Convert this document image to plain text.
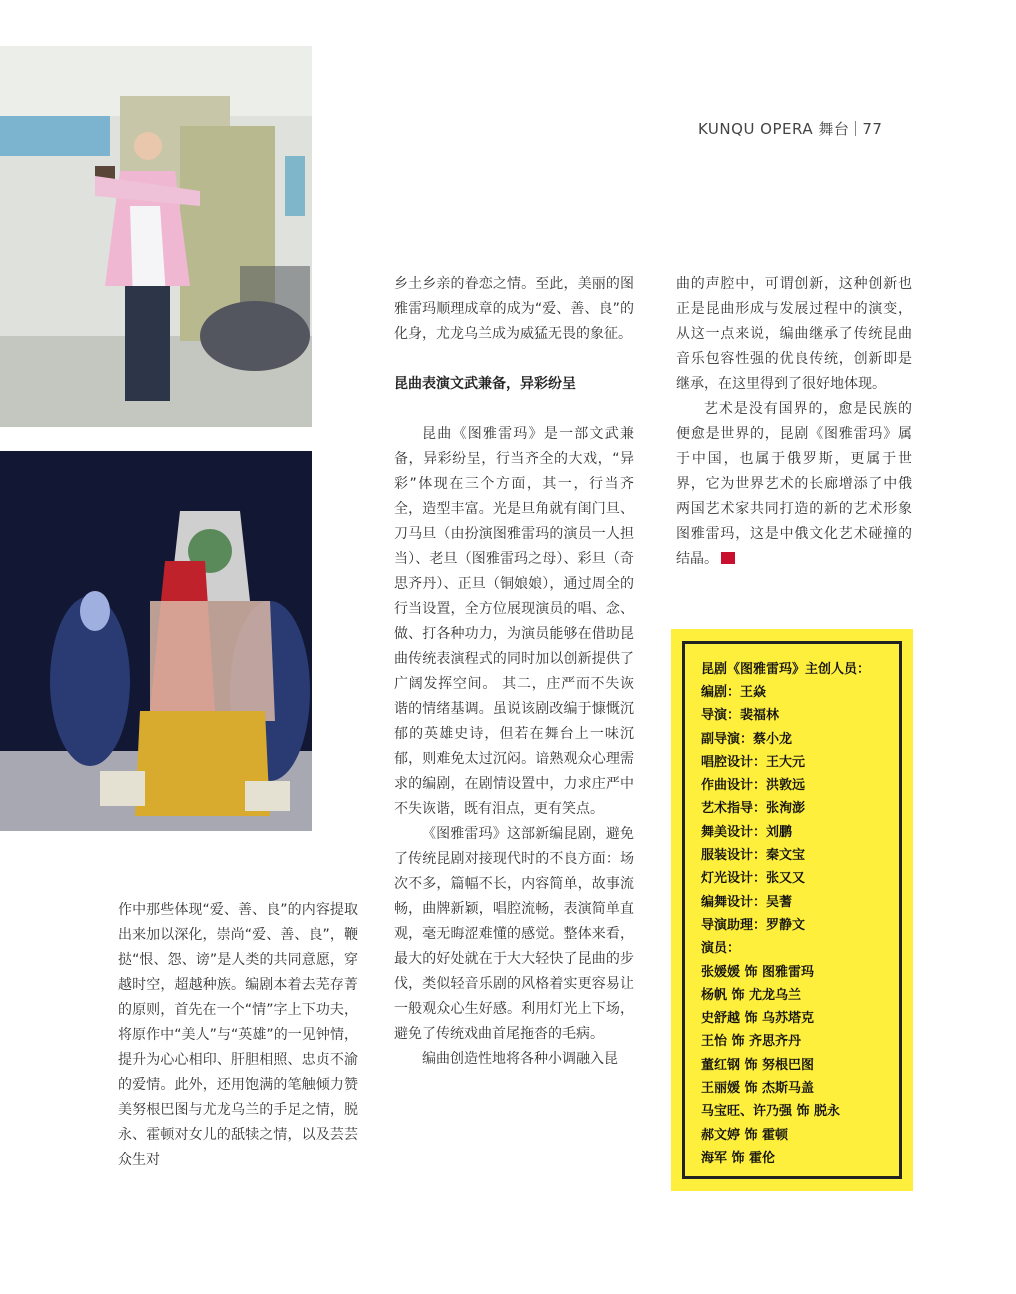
KUNQU OPERA 舞台 77

作中那些体现“爱、善、良”的内容提取出来加以深化，崇尚“爱、善、良”，鞭挞“恨、怨、谤”是人类的共同意愿，穿越时空，超越种族。编剧本着去芜存菁的原则，首先在一个“情”字上下功夫，将原作中“美人”与“英雄”的一见钟情，提升为心心相印、肝胆相照、忠贞不渝的爱情。此外，还用饱满的笔触倾力赞美努根巴图与尤龙乌兰的手足之情，脱永、霍顿对女儿的舐犊之情，以及芸芸众生对

乡土乡亲的眷恋之情。至此，美丽的图雅雷玛顺理成章的成为“爱、善、良”的化身，尤龙乌兰成为威猛无畏的象征。

昆曲表演文武兼备，异彩纷呈

昆曲《图雅雷玛》是一部文武兼备，异彩纷呈，行当齐全的大戏，“异彩”体现在三个方面，其一，行当齐全，造型丰富。光是旦角就有闺门旦、刀马旦（由扮演图雅雷玛的演员一人担当）、老旦（图雅雷玛之母）、彩旦（奇思齐丹）、正旦（铜娘娘），通过周全的行当设置，全方位展现演员的唱、念、做、打各种功力，为演员能够在借助昆曲传统表演程式的同时加以创新提供了广阔发挥空间。 其二，庄严而不失诙谐的情绪基调。虽说该剧改编于慷慨沉郁的英雄史诗，但若在舞台上一味沉郁，则难免太过沉闷。谙熟观众心理需求的编剧，在剧情设置中，力求庄严中不失诙谐，既有泪点，更有笑点。

《图雅雷玛》这部新编昆剧，避免了传统昆剧对接现代时的不良方面：场次不多，篇幅不长，内容简单，故事流畅，曲牌新颖，唱腔流畅，表演简单直观，毫无晦涩难懂的感觉。整体来看，最大的好处就在于大大轻快了昆曲的步伐，类似轻音乐剧的风格着实更容易让一般观众心生好感。利用灯光上下场，避免了传统戏曲首尾拖沓的毛病。

编曲创造性地将各种小调融入昆

曲的声腔中，可谓创新，这种创新也正是昆曲形成与发展过程中的演变，从这一点来说，编曲继承了传统昆曲音乐包容性强的优良传统，创新即是继承，在这里得到了很好地体现。

艺术是没有国界的，愈是民族的便愈是世界的，昆剧《图雅雷玛》属于中国，也属于俄罗斯，更属于世界，它为世界艺术的长廊增添了中俄两国艺术家共同打造的新的艺术形象图雅雷玛，这是中俄文化艺术碰撞的结晶。

昆剧《图雅雷玛》主创人员：
编剧：王焱
导演：裴福林
副导演：蔡小龙
唱腔设计：王大元
作曲设计：洪敦远
艺术指导：张洵澎
舞美设计：刘鹏
服装设计：秦文宝
灯光设计：张又又
编舞设计：吴蓍
导演助理：罗静文
演员：
张媛媛 饰 图雅雷玛
杨帆 饰 尤龙乌兰
史舒越 饰 乌苏塔克
王怡 饰 齐思齐丹
董红钢 饰 努根巴图
王丽媛 饰 杰斯马盖
马宝旺、许乃强 饰 脱永
郝文婷 饰 霍顿
海军 饰 霍伦
